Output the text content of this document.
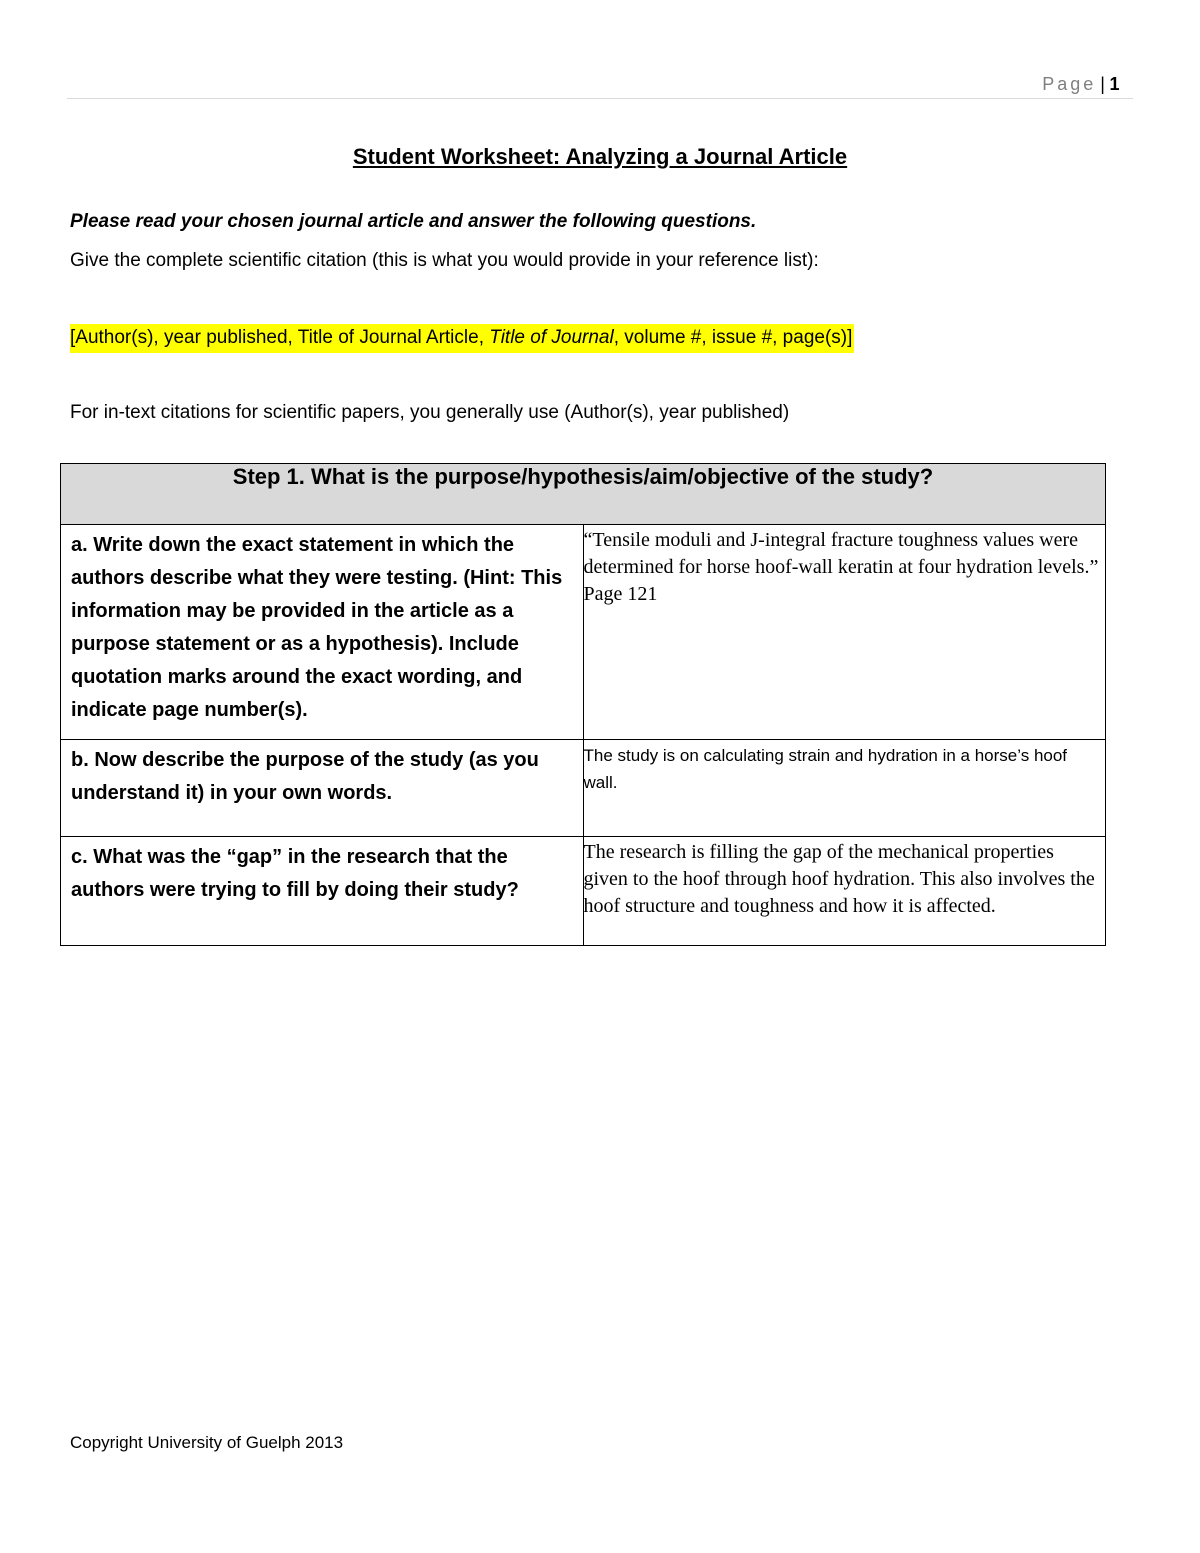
Page | 1
Student Worksheet: Analyzing a Journal Article
Please read your chosen journal article and answer the following questions.
Give the complete scientific citation (this is what you would provide in your reference list):
[Author(s), year published, Title of Journal Article, Title of Journal, volume #, issue #, page(s)]
For in-text citations for scientific papers, you generally use (Author(s), year published)
Step 1. What is the purpose/hypothesis/aim/objective of the study?	
a. Write down the exact statement in which the authors describe what they were testing. (Hint: This information may be provided in the article as a purpose statement or as a hypothesis). Include quotation marks around the exact wording, and indicate page number(s).	“Tensile moduli and J-integral fracture toughness values were determined for horse hoof-wall keratin at four hydration levels.” Page 121
b. Now describe the purpose of the study (as you understand it) in your own words.	The study is on calculating strain and hydration in a horse’s hoof wall.
c. What was the “gap” in the research that the authors were trying to fill by doing their study?	The research is filling the gap of the mechanical properties given to the hoof through hoof hydration. This also involves the hoof structure and toughness and how it is affected.
Copyright University of Guelph 2013
